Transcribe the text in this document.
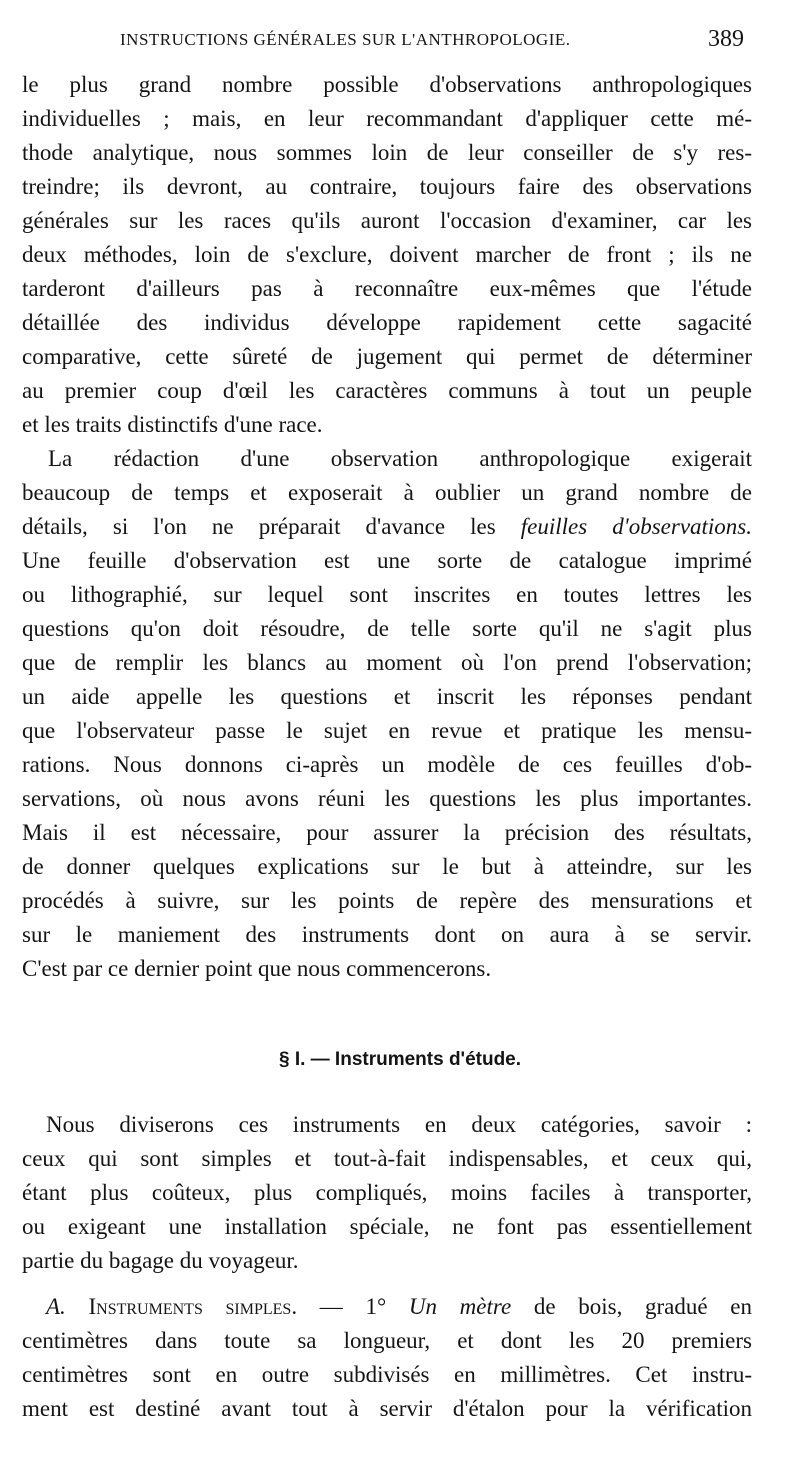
INSTRUCTIONS GÉNÉRALES SUR L'ANTHROPOLOGIE.	389
le plus grand nombre possible d'observations anthropologiques
individuelles ; mais, en leur recommandant d'appliquer cette mé-
thode analytique, nous sommes loin de leur conseiller de s'y res-
treindre; ils devront, au contraire, toujours faire des observations
générales sur les races qu'ils auront l'occasion d'examiner, car les
deux méthodes, loin de s'exclure, doivent marcher de front ; ils ne
tarderont d'ailleurs pas à reconnaître eux-mêmes que l'étude
détaillée des individus développe rapidement cette sagacité
comparative, cette sûreté de jugement qui permet de déterminer
au premier coup d'œil les caractères communs à tout un peuple
et les traits distinctifs d'une race.
La rédaction d'une observation anthropologique exigerait
beaucoup de temps et exposerait à oublier un grand nombre de
détails, si l'on ne préparait d'avance les feuilles d'observations.
Une feuille d'observation est une sorte de catalogue imprimé
ou lithographié, sur lequel sont inscrites en toutes lettres les
questions qu'on doit résoudre, de telle sorte qu'il ne s'agit plus
que de remplir les blancs au moment où l'on prend l'observation;
un aide appelle les questions et inscrit les réponses pendant
que l'observateur passe le sujet en revue et pratique les mensu-
rations. Nous donnons ci-après un modèle de ces feuilles d'ob-
servations, où nous avons réuni les questions les plus importantes.
Mais il est nécessaire, pour assurer la précision des résultats,
de donner quelques explications sur le but à atteindre, sur les
procédés à suivre, sur les points de repère des mensurations et
sur le maniement des instruments dont on aura à se servir.
C'est par ce dernier point que nous commencerons.
§ I. — Instruments d'étude.
Nous diviserons ces instruments en deux catégories, savoir :
ceux qui sont simples et tout-à-fait indispensables, et ceux qui,
étant plus coûteux, plus compliqués, moins faciles à transporter,
ou exigeant une installation spéciale, ne font pas essentiellement
partie du bagage du voyageur.
A. Instruments simples. — 1° Un mètre de bois, gradué en
centimètres dans toute sa longueur, et dont les 20 premiers
centimètres sont en outre subdivisés en millimètres. Cet instru-
ment est destiné avant tout à servir d'étalon pour la vérification
